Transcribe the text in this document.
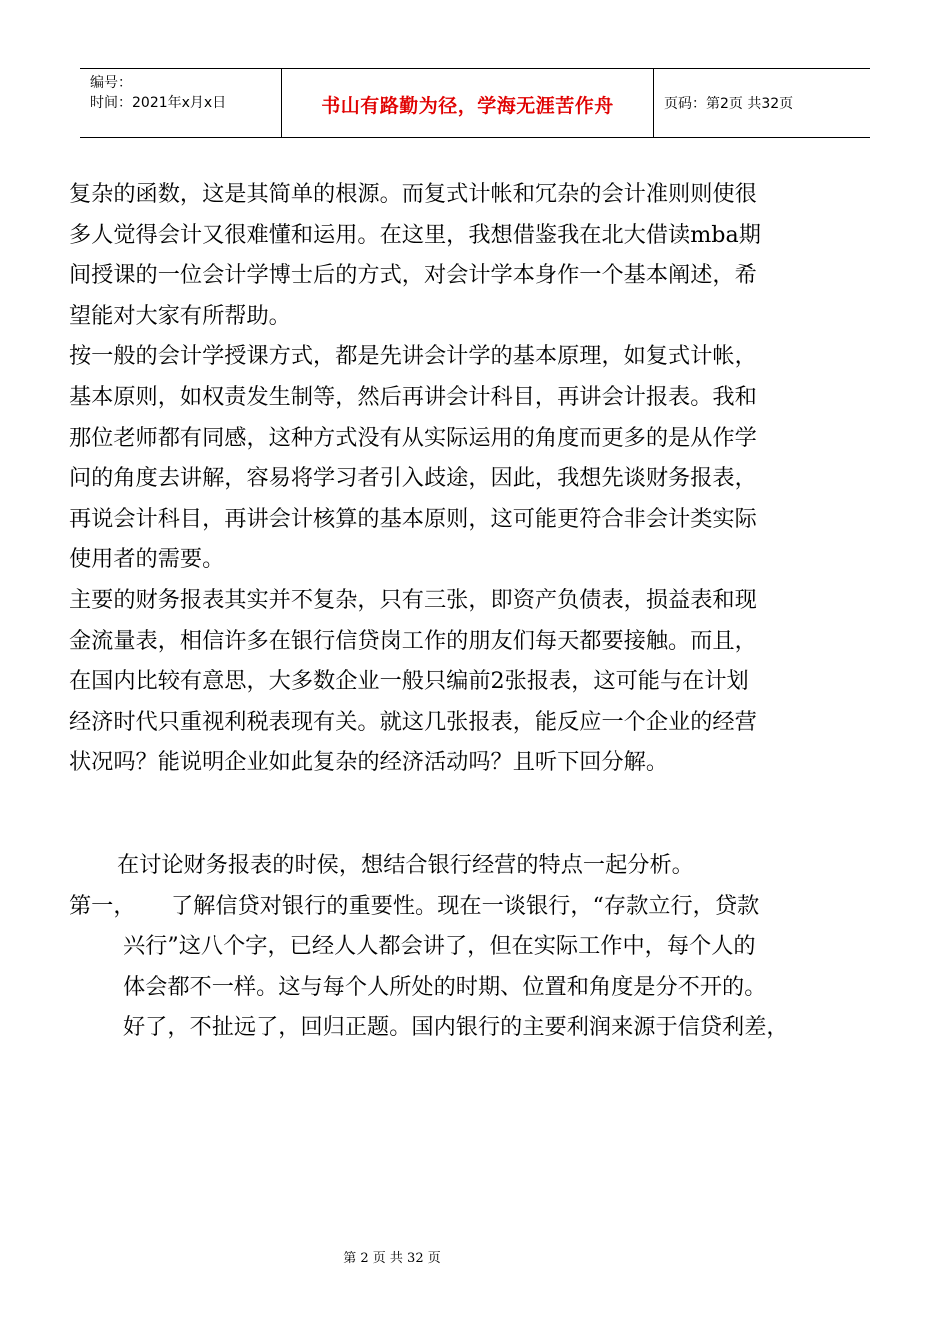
编号：
时间：2021年x月x日	书山有路勤为径，学海无涯苦作舟	页码：第2页 共32页
复杂的函数，这是其简单的根源。而复式计帐和冗杂的会计准则则使很
多人觉得会计又很难懂和运用。在这里，我想借鉴我在北大借读mba期
间授课的一位会计学博士后的方式，对会计学本身作一个基本阐述，希
望能对大家有所帮助。
按一般的会计学授课方式，都是先讲会计学的基本原理，如复式计帐，
基本原则，如权责发生制等，然后再讲会计科目，再讲会计报表。我和
那位老师都有同感，这种方式没有从实际运用的角度而更多的是从作学
问的角度去讲解，容易将学习者引入歧途，因此，我想先谈财务报表，
再说会计科目，再讲会计核算的基本原则，这可能更符合非会计类实际
使用者的需要。
主要的财务报表其实并不复杂，只有三张，即资产负债表，损益表和现
金流量表，相信许多在银行信贷岗工作的朋友们每天都要接触。而且，
在国内比较有意思，大多数企业一般只编前2张报表，这可能与在计划
经济时代只重视利税表现有关。就这几张报表，能反应一个企业的经营
状况吗？能说明企业如此复杂的经济活动吗？且听下回分解。
在讨论财务报表的时侯，想结合银行经营的特点一起分析。
第一， 了解信贷对银行的重要性。现在一谈银行，“存款立行，贷款
兴行”这八个字，已经人人都会讲了，但在实际工作中，每个人的
体会都不一样。这与每个人所处的时期、位置和角度是分不开的。
好了，不扯远了，回归正题。国内银行的主要利润来源于信贷利差，
第 2 页 共 32 页
